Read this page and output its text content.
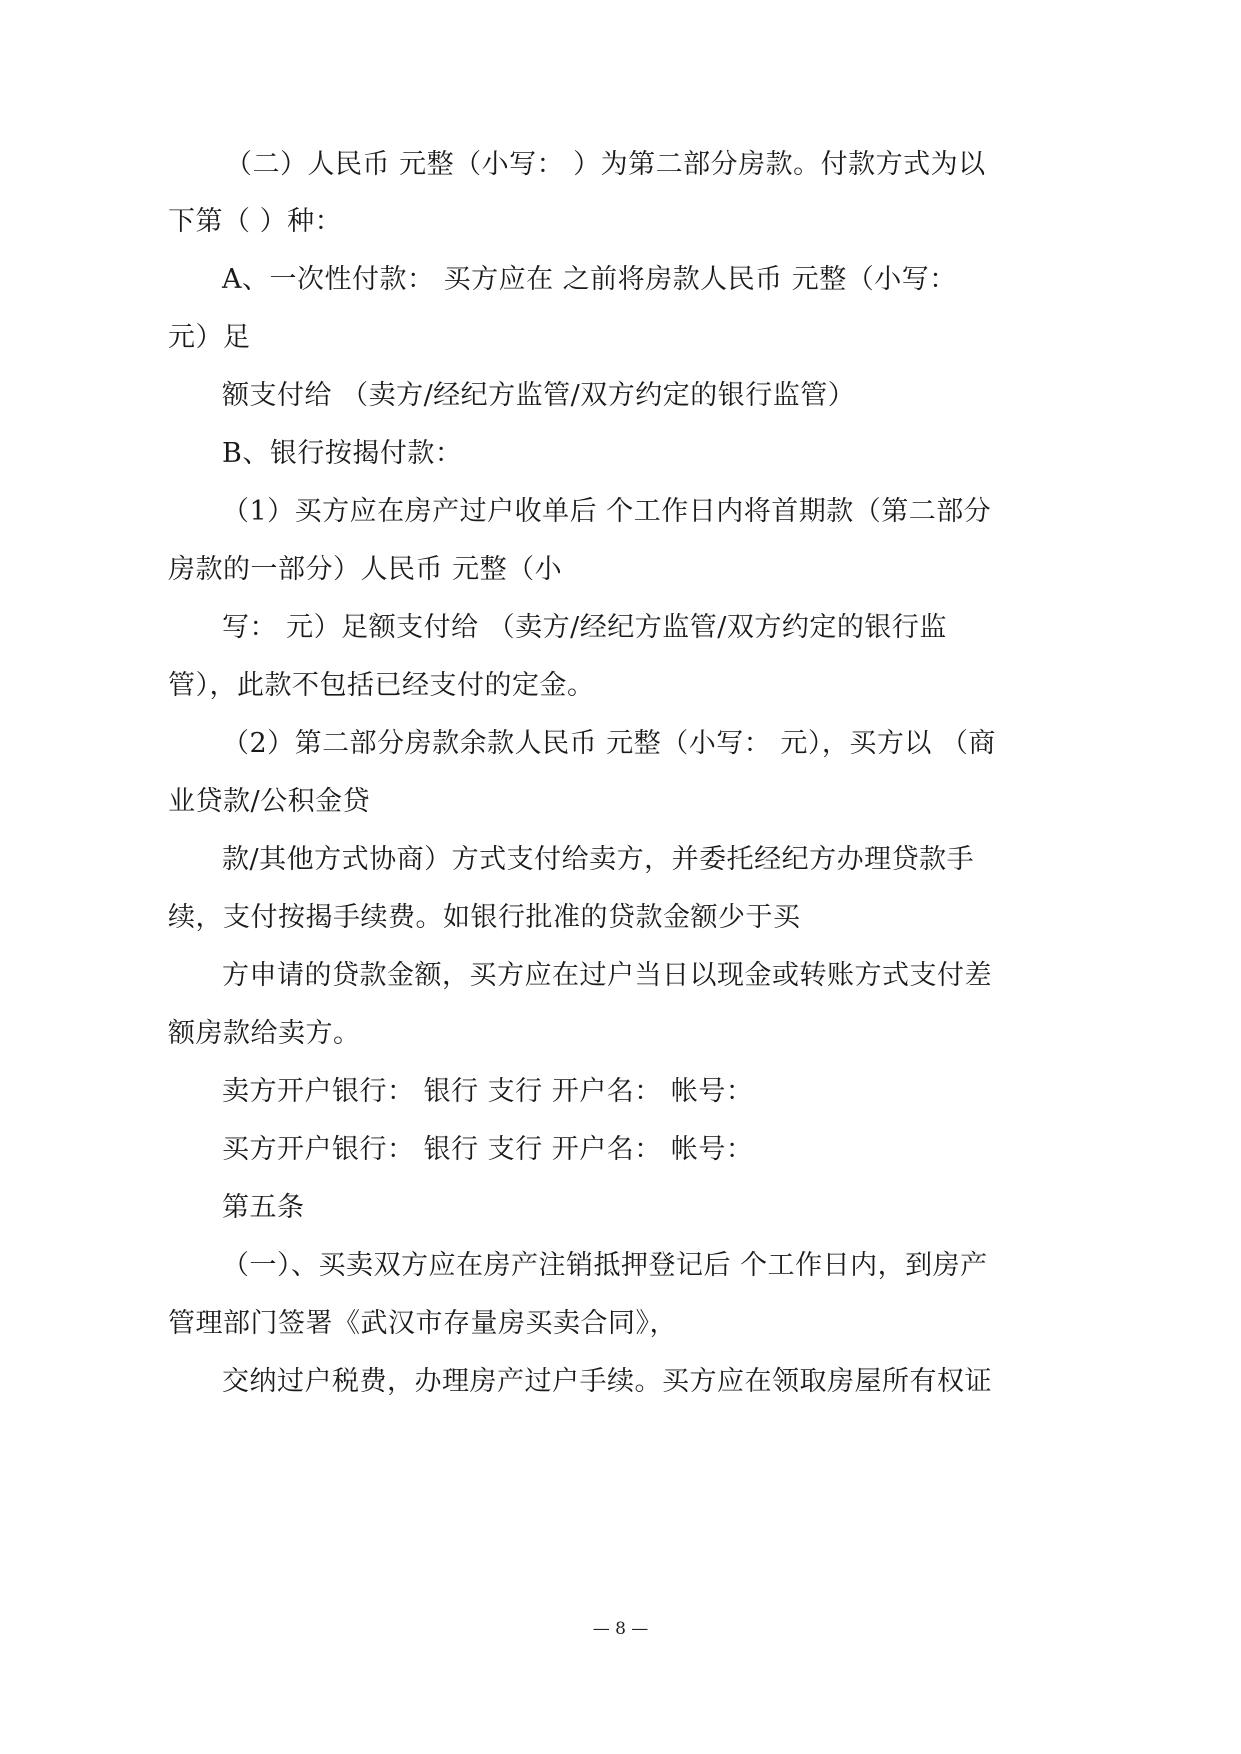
（二）人民币 元整（小写： ）为第二部分房款。付款方式为以
下第（ ）种：
A、一次性付款： 买方应在 之前将房款人民币 元整（小写：
元）足
额支付给 （卖方/经纪方监管/双方约定的银行监管）
B、银行按揭付款：
（1）买方应在房产过户收单后 个工作日内将首期款（第二部分
房款的一部分）人民币 元整（小
写： 元）足额支付给 （卖方/经纪方监管/双方约定的银行监
管），此款不包括已经支付的定金。
（2）第二部分房款余款人民币 元整（小写： 元），买方以 （商
业贷款/公积金贷
款/其他方式协商）方式支付给卖方，并委托经纪方办理贷款手
续，支付按揭手续费。如银行批准的贷款金额少于买
方申请的贷款金额，买方应在过户当日以现金或转账方式支付差
额房款给卖方。
卖方开户银行： 银行 支行 开户名： 帐号：
买方开户银行： 银行 支行 开户名： 帐号：
第五条
（一）、买卖双方应在房产注销抵押登记后 个工作日内，到房产
管理部门签署《武汉市存量房买卖合同》，
交纳过户税费，办理房产过户手续。买方应在领取房屋所有权证
— 8 —
